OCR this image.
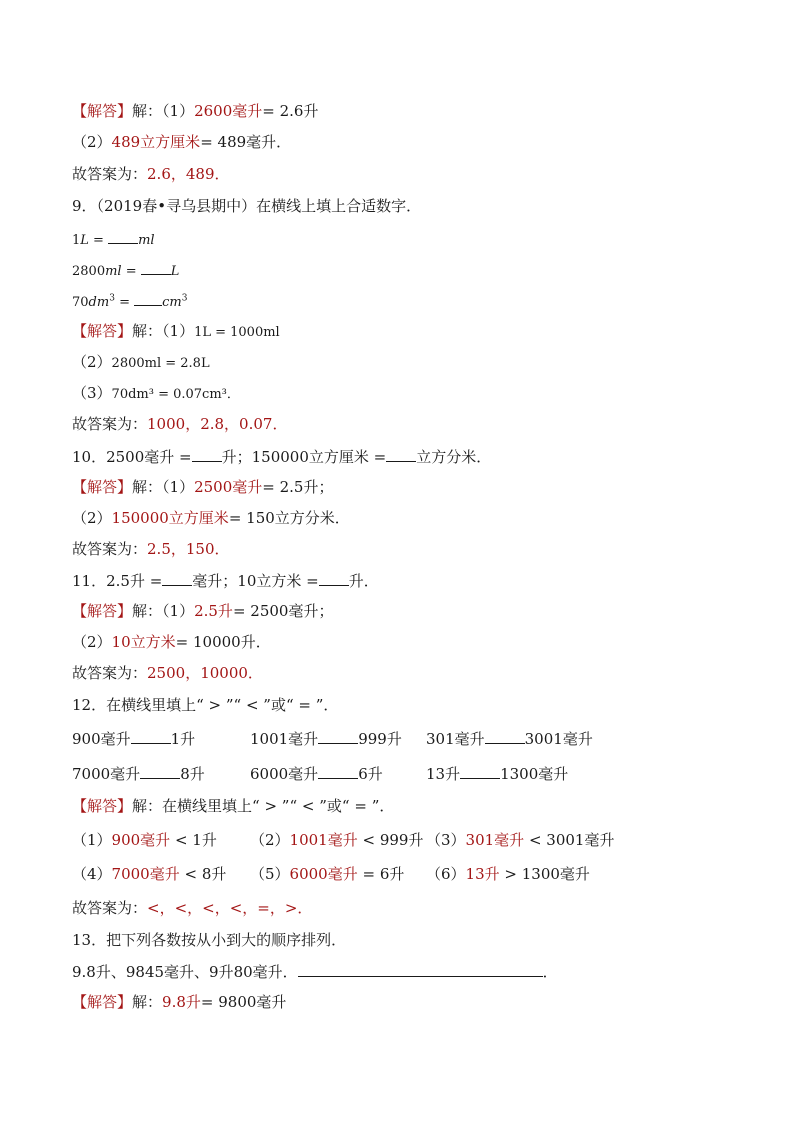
【解答】解：（1）2600毫升= 2.6升
（2）489立方厘米= 489毫升．
故答案为：2.6，489．
9．（2019春•寻乌县期中）在横线上填上合适数字．
1L = ml
2800ml = L
$70dm^3 = cm^3$
【解答】解：（1）1L = 1000ml
（2）2800ml = 2.8L
（3）70dm³ = 0.07cm³．
故答案为：1000，2.8，0.07．
10．2500毫升 = 升；150000立方厘米 = 立方分米．
【解答】解：（1）2500毫升= 2.5升；
（2）150000立方厘米= 150立方分米．
故答案为：2.5，150．
11．2.5升 = 毫升；10立方米 = 升．
【解答】解：（1）2.5升= 2500毫升；
（2）10立方米= 10000升．
故答案为：2500，10000．
12．在横线里填上“ > ”“ < ”或“ = ”．
900毫升	1升	1001毫升	999升 301毫升	3001毫升
7000毫升	8升	6000毫升	6升	13升	1300毫升
【解答】解：在横线里填上“ > ”“ < ”或“ = ”．
（1）900毫升 < 1升 （2）1001毫升 < 999升 （3）301毫升 < 3001毫升
（4）7000毫升 < 8升 （5）6000毫升 = 6升 （6）13升 > 1300毫升
故答案为：<，<，<，<，=，>．
13．把下列各数按从小到大的顺序排列．
9.8升、9845毫升、9升80毫升．	．
【解答】解：9.8升= 9800毫升
